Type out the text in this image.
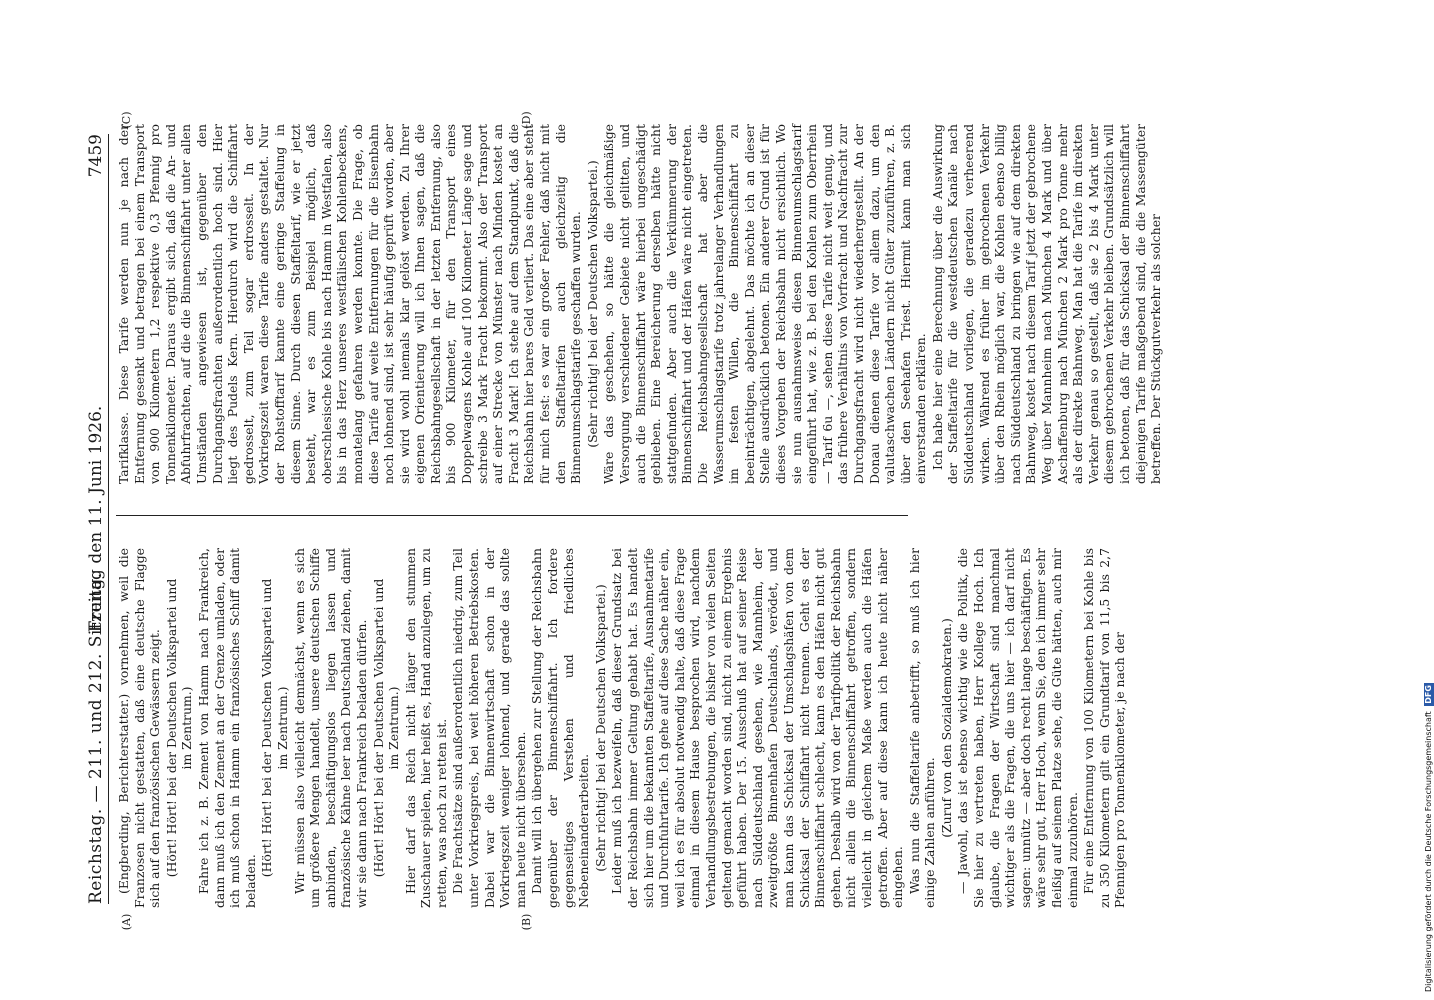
Reichstag. — 211. und 212. Sitzung.
Freitag den 11. Juni 1926.
7459

(Engberding, Berichterstatter.) vornehmen, weil die Franzosen nicht gestatten, daß eine deutsche Flagge sich auf den französischen Gewässern zeigt. (Hört! Hört! bei der Deutschen Volkspartei und im Zentrum.) Fahre ich z. B. Zement von Hamm nach Frankreich, dann muß ich den Zement an der Grenze umladen, oder ich muß schon in Hamm ein französisches Schiff damit beladen.

(Hört! Hört! bei der Deutschen Volkspartei und im Zentrum.) Wir müssen also vielleicht demnächst, wenn es sich um größere Mengen handelt, unsere deutschen Schiffe anbinden, beschäftigungslos liegen lassen und französische Kähne leer nach Deutschland ziehen, damit wir sie dann nach Frankreich beladen dürfen. (Hört! Hört! bei der Deutschen Volkspartei und im Zentrum.) Hier darf das Reich nicht länger den stummen Zuschauer spielen, hier heißt es, Hand anzulegen, um zu retten, was noch zu retten ist. Die Frachtsätze sind außerordentlich niedrig, zum Teil unter Vorkriegspreis, bei weit höheren Betriebskosten. Dabei war die Binnenwirtschaft schon in der Vorkriegszeit weniger lohnend, und gerade das sollte man heute nicht übersehen. Damit will ich übergehen zur Stellung der Reichsbahn gegenüber der Binnenschiffahrt. Ich fordere gegenseitiges Verstehen und friedliches Nebeneinanderarbeiten. (Sehr richtig! bei der Deutschen Volkspartei.) Leider muß ich bezweifeln, daß dieser Grundsatz bei der Reichsbahn immer Geltung gehabt hat. Es handelt sich hier um die bekannten Staffeltarife, Ausnahmetarife und Durchfuhrtarife. Ich gehe auf diese Sache näher ein, weil ich es für absolut notwendig halte, daß diese Frage einmal in diesem Hause besprochen wird, nachdem Verhandlungsbestrebungen, die bisher von vielen Seiten geltend gemacht worden sind, nicht zu einem Ergebnis geführt haben. Der 15. Ausschuß hat auf seiner Reise nach Süddeutschland gesehen, wie Mannheim, der zweitgrößte Binnenhafen Deutschlands, verödet, und man kann das Schicksal der Umschlagshäfen von dem Schicksal der Schiffahrt nicht trennen. Geht es der Binnenschiffahrt schlecht, kann es den Häfen nicht gut gehen. Deshalb wird von der Tarifpolitik der Reichsbahn nicht allein die Binnenschiffahrt getroffen, sondern vielleicht in gleichem Maße werden auch die Häfen getroffen. Aber auf diese kann ich heute nicht näher eingehen. Was nun die Staffeltarife anbetrifft, so muß ich hier einige Zahlen anführen. (Zuruf von den Sozialdemokraten.) — Jawohl, das ist ebenso wichtig wie die Politik, die Sie hier zu vertreten haben, Herr Kollege Hoch. Ich glaube, die Fragen der Wirtschaft sind manchmal wichtiger als die Fragen, die uns hier — ich darf nicht sagen: unnütz — aber doch recht lange beschäftigen. Es wäre sehr gut, Herr Hoch, wenn Sie, den ich immer sehr fleißig auf seinem Platze sehe, die Güte hätten, auch mir einmal zuzuhören. Für eine Entfernung von 100 Kilometern bei Kohle bis zu 350 Kilometern gilt ein Grundtarif von 11,5 bis 2,7 Pfennigen pro Tonnenkilometer, je nach der

Tarifklasse. Diese Tarife werden nun je nach der Entfernung gesenkt und betragen bei einem Transport von 900 Kilometern 1,2 respektive 0,3 Pfennig pro Tonnenkilometer. Daraus ergibt sich, daß die An- und Abfuhrfrachten, auf die die Binnenschiffahrt unter allen Umständen angewiesen ist, gegenüber den Durchgangsfrachten außerordentlich hoch sind. Hier liegt des Pudels Kern. Hierdurch wird die Schiffahrt gedrosselt, zum Teil sogar erdrosselt. In der Vorkriegszeit waren diese Tarife anders gestaltet. Nur der Rohstofftarif kannte eine geringe Staffelung in diesem Sinne. Durch diesen Staffeltarif, wie er jetzt besteht, war es zum Beispiel möglich, daß oberschlesische Kohle bis nach Hamm in Westfalen, also bis in das Herz unseres westfälischen Kohlenbeckens, monatelang gefahren werden konnte. Die Frage, ob diese Tarife auf weite Entfernungen für die Eisenbahn noch lohnend sind, ist sehr häufig geprüft worden, aber sie wird wohl niemals klar gelöst werden. Zu Ihrer eigenen Orientierung will ich Ihnen sagen, daß die Reichsbahngesellschaft in der letzten Entfernung, also bis 900 Kilometer, für den Transport eines Doppelwagens Kohle auf 100 Kilometer Länge sage und schreibe 3 Mark Fracht bekommt. Also der Transport auf einer Strecke von Münster nach Minden kostet an Fracht 3 Mark! Ich stehe auf dem Standpunkt, daß die Reichsbahn hier bares Geld verliert. Das eine aber steht für mich fest: es war ein großer Fehler, daß nicht mit den Staffeltarifen auch gleichzeitig die Binnenumschlagstarife geschaffen wurden. (Sehr richtig! bei der Deutschen Volkspartei.) Wäre das geschehen, so hätte die gleichmäßige Versorgung verschiedener Gebiete nicht gelitten, und auch die Binnenschiffahrt wäre hierbei ungeschädigt geblieben. Eine Bereicherung derselben hätte nicht stattgefunden. Aber auch die Verkümmerung der Binnenschiffahrt und der Häfen wäre nicht eingetreten. Die Reichsbahngesellschaft hat aber die Wasserumschlagstarife trotz jahrelanger Verhandlungen im festen Willen, die Binnenschiffahrt zu beeinträchtigen, abgelehnt. Das möchte ich an dieser Stelle ausdrücklich betonen. Ein anderer Grund ist für dieses Vorgehen der Reichsbahn nicht ersichtlich. Wo sie nun ausnahmsweise diesen Binnenumschlagstarif eingeführt hat, wie z. B. bei den Kohlen zum Oberrhein — Tarif 6u —, sehen diese Tarife nicht weit genug, und das frühere Verhältnis von Vorfracht und Nachfracht zur Durchgangsfracht wird nicht wiederhergestellt. An der Donau dienen diese Tarife vor allem dazu, um den valutaschwachen Ländern nicht Güter zuzuführen, z. B. über den Seehafen Triest. Hiermit kann man sich einverstanden erklären. Ich habe hier eine Berechnung über die Auswirkung der Staffeltarife für die westdeutschen Kanäle nach Süddeutschland vorliegen, die geradezu verheerend wirken. Während es früher im gebrochenen Verkehr über den Rhein möglich war, die Kohlen ebenso billig nach Süddeutschland zu bringen wie auf dem direkten Bahnweg, kostet nach diesem Tarif jetzt der gebrochene Weg über Mannheim nach München 4 Mark und über Aschaffenburg nach München 2 Mark pro Tonne mehr als der direkte Bahnweg. Man hat die Tarife im direkten Verkehr genau so gestellt, daß sie 2 bis 4 Mark unter diesem gebrochenen Verkehr bleiben. Grundsätzlich will ich betonen, daß für das Schicksal der Binnenschiffahrt diejenigen Tarife maßgebend sind, die die Massengüter betreffen. Der Stückgutverkehr als solcher

(A)	(B)
(C)	(D)
Digitalisierung gefördert durch die Deutsche Forschungsgemeinschaft DFG
